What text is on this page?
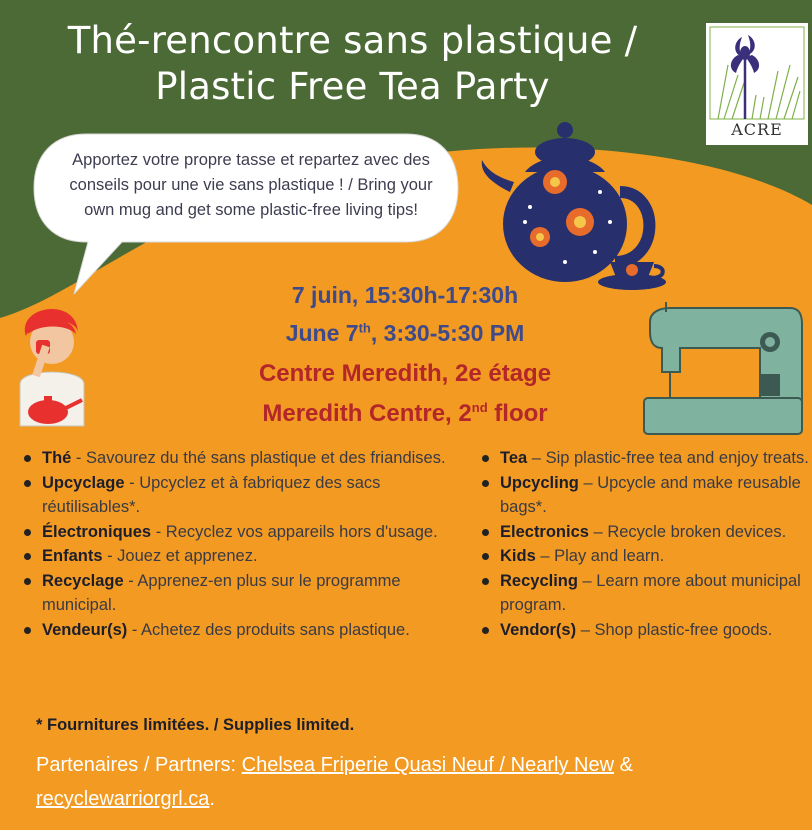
Thé-rencontre sans plastique /
Plastic Free Tea Party
ACRE
Apportez votre propre tasse et repartez avec des conseils pour une vie sans plastique ! / Bring your own mug and get some plastic-free living tips!
7 juin, 15:30h-17:30h
June 7th, 3:30-5:30 PM
Centre Meredith, 2e étage
Meredith Centre, 2nd floor
Thé - Savourez du thé sans plastique et des friandises.
Upcyclage - Upcyclez et à fabriquez des sacs réutilisables*.
Électroniques - Recyclez vos appareils hors d'usage.
Enfants - Jouez et apprenez.
Recyclage - Apprenez-en plus sur le programme municipal.
Vendeur(s) - Achetez des produits sans plastique.
Tea – Sip plastic-free tea and enjoy treats.
Upcycling – Upcycle and make reusable bags*.
Electronics – Recycle broken devices.
Kids – Play and learn.
Recycling – Learn more about municipal program.
Vendor(s) – Shop plastic-free goods.
* Fournitures limitées. / Supplies limited.
Partenaires / Partners: Chelsea Friperie Quasi Neuf / Nearly New & recyclewarriorgrl.ca.
